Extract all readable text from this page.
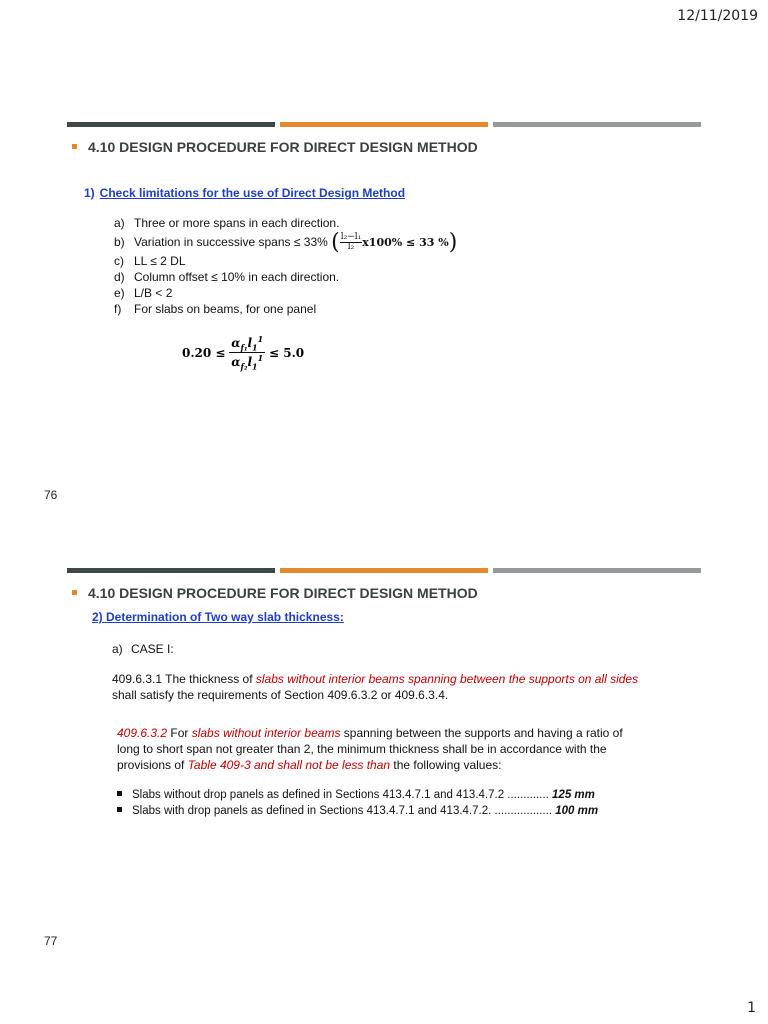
12/11/2019
4.10 DESIGN PROCEDURE FOR DIRECT DESIGN METHOD
1) Check limitations for the use of Direct Design Method
a) Three or more spans in each direction.
b) Variation in successive spans ≤ 33% ( $\frac{\text{l₂−l₁}}{\text{l₂}} x100\% \le 33$ %)
c) LL ≤ 2 DL
d) Column offset ≤ 10% in each direction.
e) L/B < 2
f) For slabs on beams, for one panel
$0.20 \le \frac{\alpha_{f_1}l_1^1}{\alpha_{f_2}l_1^1} \le 5.0$
76
4.10 DESIGN PROCEDURE FOR DIRECT DESIGN METHOD
2) Determination of Two way slab thickness:
a) CASE I:
409.6.3.1 The thickness of slabs without interior beams spanning between the supports on all sides
shall satisfy the requirements of Section 409.6.3.2 or 409.6.3.4.
409.6.3.2 For slabs without interior beams spanning between the supports and having a ratio of
long to short span not greater than 2, the minimum thickness shall be in accordance with the
provisions of Table 409-3 and shall not be less than the following values:
Slabs without drop panels as defined in Sections 413.4.7.1 and 413.4.7.2 ............. 125 mm
Slabs with drop panels as defined in Sections 413.4.7.1 and 413.4.7.2. .................. 100 mm
77
1
